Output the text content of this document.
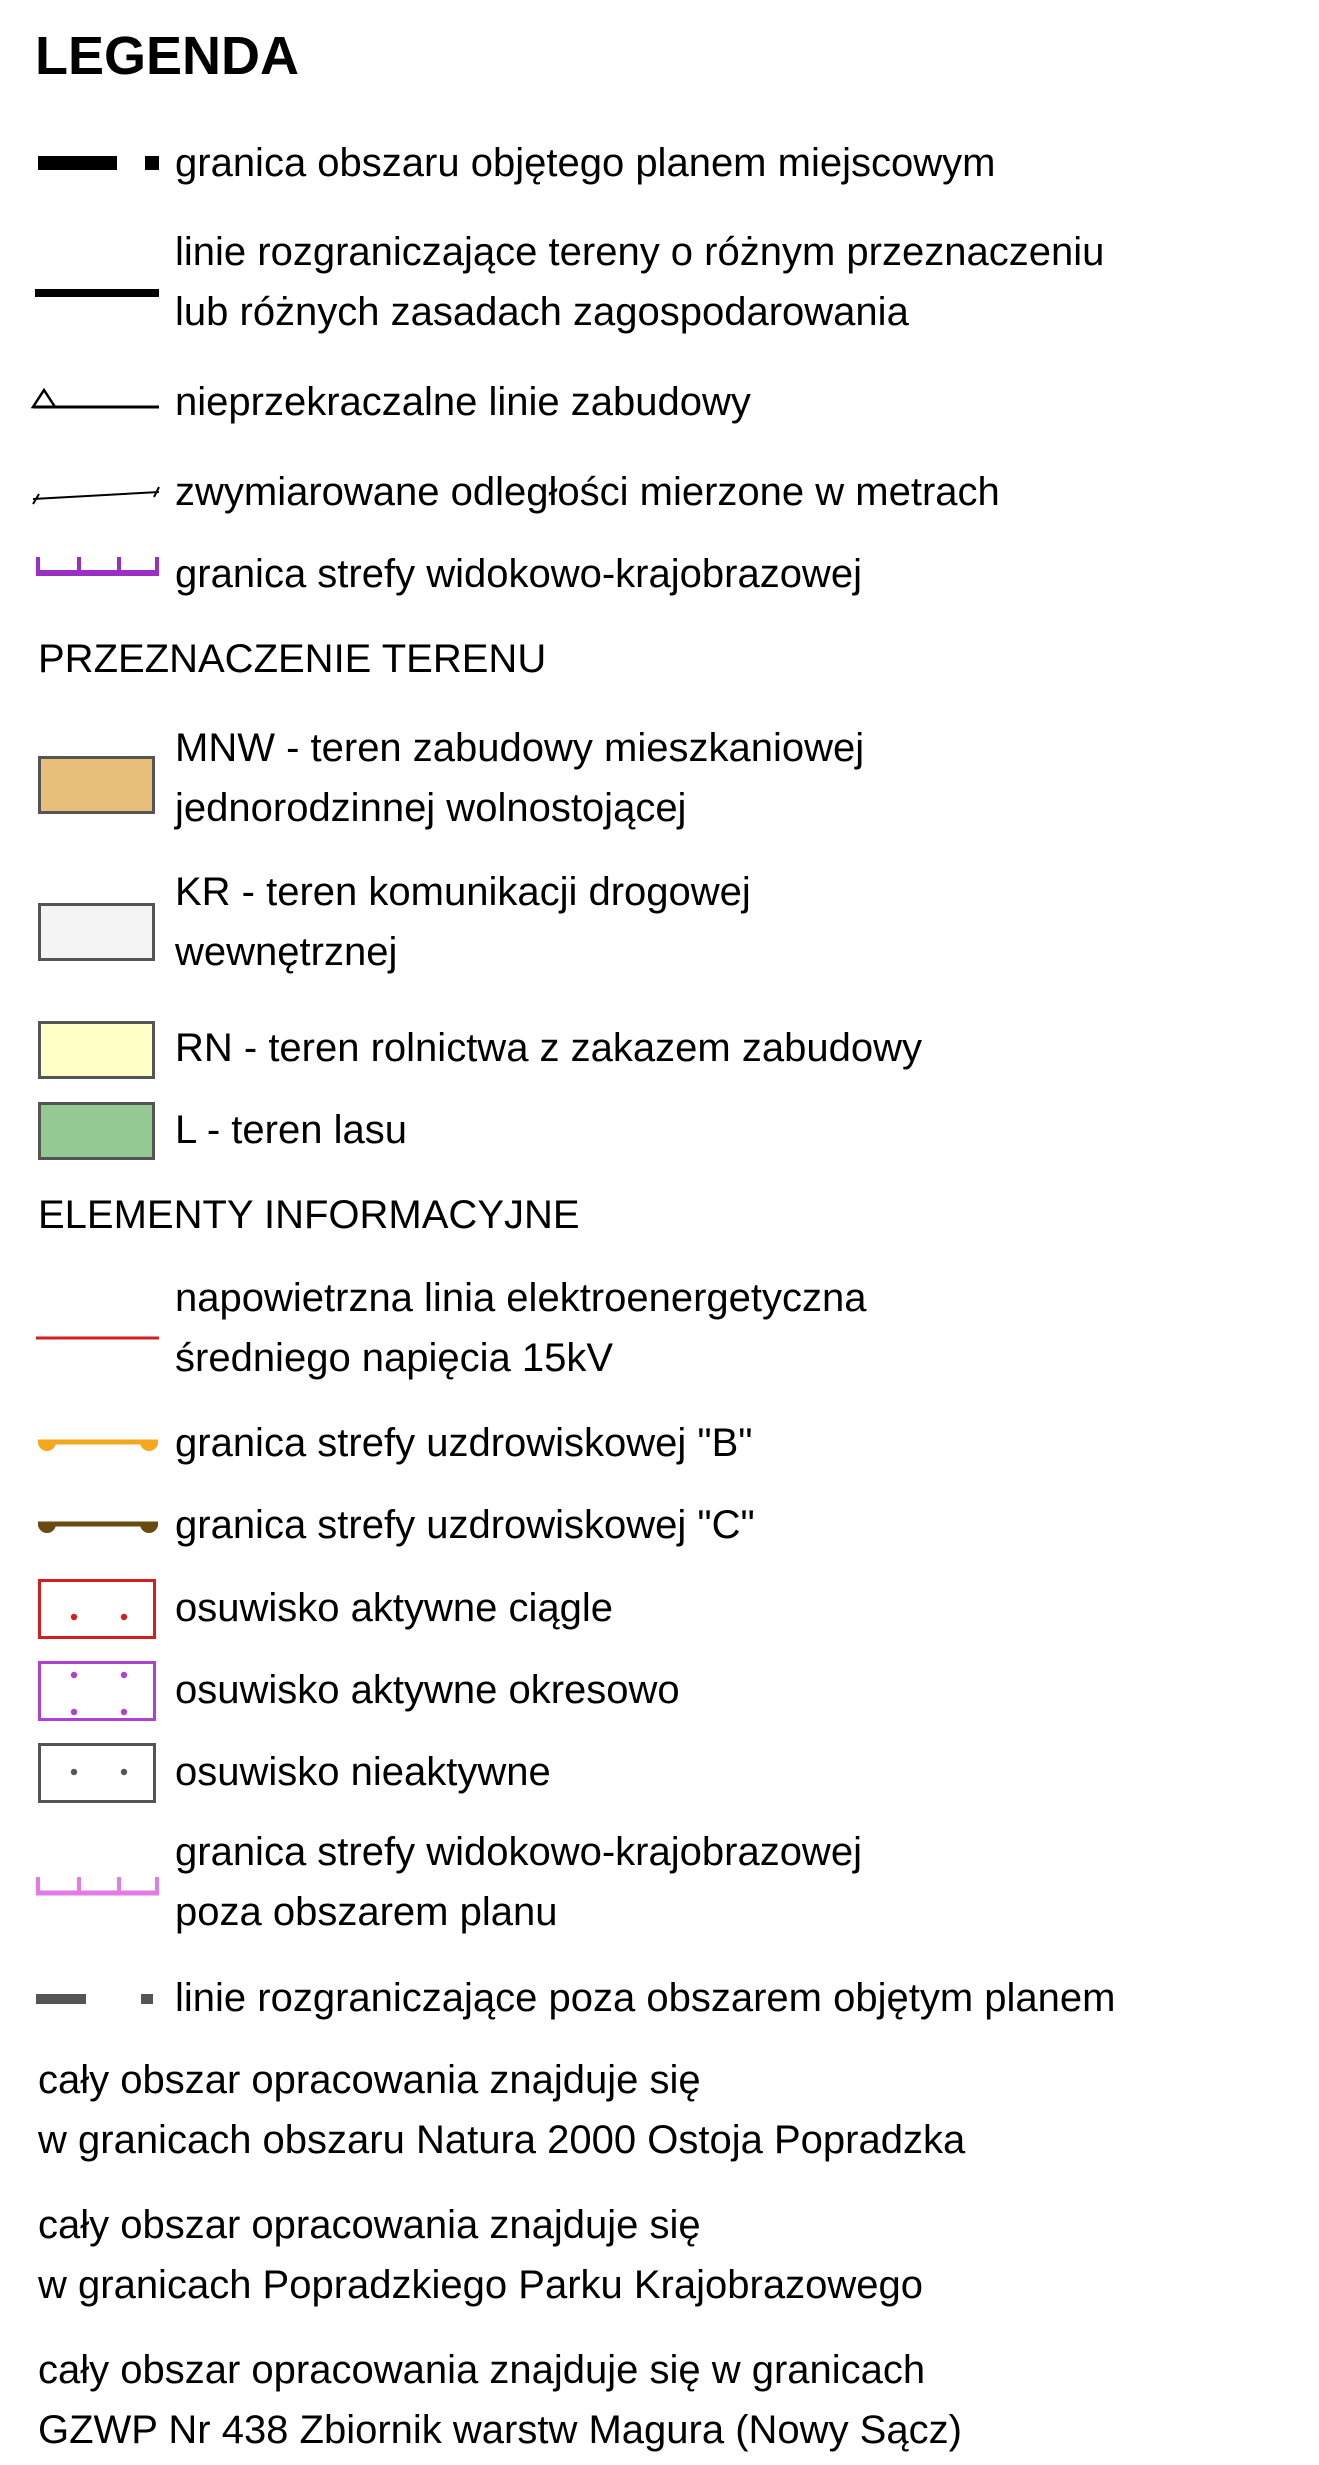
LEGENDA
granica obszaru objętego planem miejscowym
linie rozgraniczające tereny o różnym przeznaczeniu
lub różnych zasadach zagospodarowania
nieprzekraczalne linie zabudowy
zwymiarowane odległości mierzone w metrach
granica strefy widokowo-krajobrazowej
PRZEZNACZENIE TERENU
MNW - teren zabudowy mieszkaniowej
jednorodzinnej wolnostojącej
KR - teren komunikacji drogowej
wewnętrznej
RN - teren rolnictwa z zakazem zabudowy
L - teren lasu
ELEMENTY INFORMACYJNE
napowietrzna linia elektroenergetyczna
średniego napięcia 15kV
granica strefy uzdrowiskowej "B"
granica strefy uzdrowiskowej "C"
osuwisko aktywne ciągle
osuwisko aktywne okresowo
osuwisko nieaktywne
granica strefy widokowo-krajobrazowej
poza obszarem planu
linie rozgraniczające poza obszarem objętym planem
cały obszar opracowania znajduje się
w granicach obszaru Natura 2000 Ostoja Popradzka
cały obszar opracowania znajduje się
w granicach Popradzkiego Parku Krajobrazowego
cały obszar opracowania znajduje się w granicach
GZWP Nr 438 Zbiornik warstw Magura (Nowy Sącz)
